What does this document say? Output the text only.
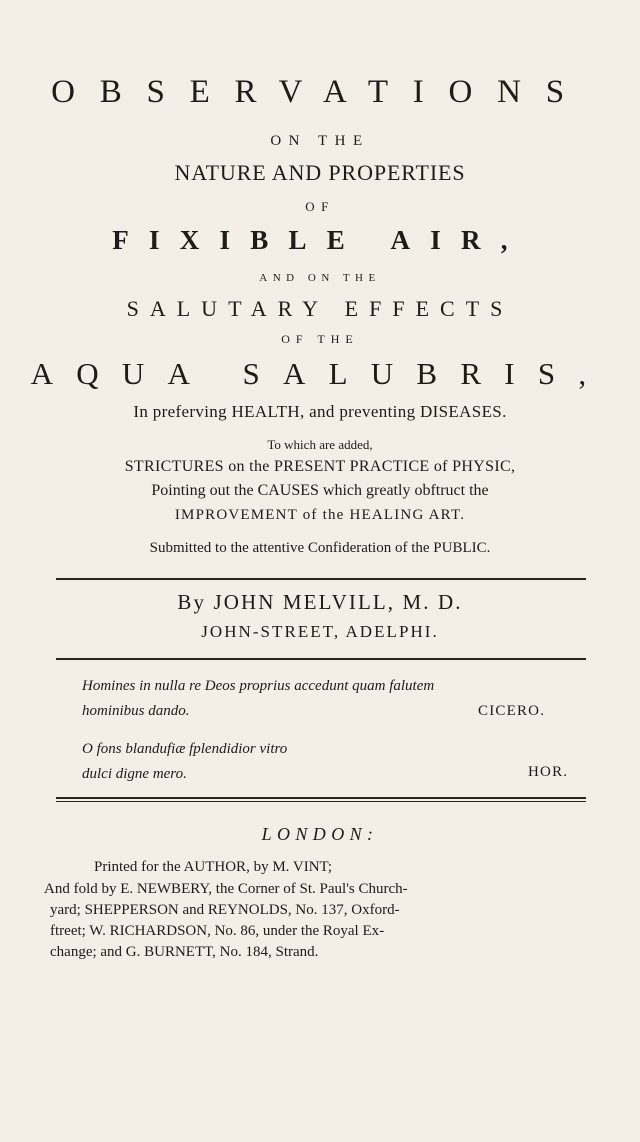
OBSERVATIONS
ON THE
NATURE AND PROPERTIES
OF
FIXIBLE AIR,
AND ON THE
SALUTARY EFFECTS
OF THE
AQUA SALUBRIS,
In preferving HEALTH, and preventing DISEASES.
To which are added,
STRICTURES on the PRESENT PRACTICE of PHYSIC,
Pointing out the CAUSES which greatly obftruct the
IMPROVEMENT of the HEALING ART.
Submitted to the attentive Confideration of the PUBLIC.
By JOHN MELVILL, M. D.
JOHN-STREET, ADELPHI.
Homines in nulla re Deos proprius accedunt quam falutem
hominibus dando.	CICERO.
O fons blandufiæ fplendidior vitro
dulci digne mero.	HOR.
LONDON:
Printed for the AUTHOR, by M. VINT;
And fold by E. NEWBERY, the Corner of St. Paul's Church-
yard; SHEPPERSON and REYNOLDS, No. 137, Oxford-
ftreet; W. RICHARDSON, No. 86, under the Royal Ex-
change; and G. BURNETT, No. 184, Strand.
